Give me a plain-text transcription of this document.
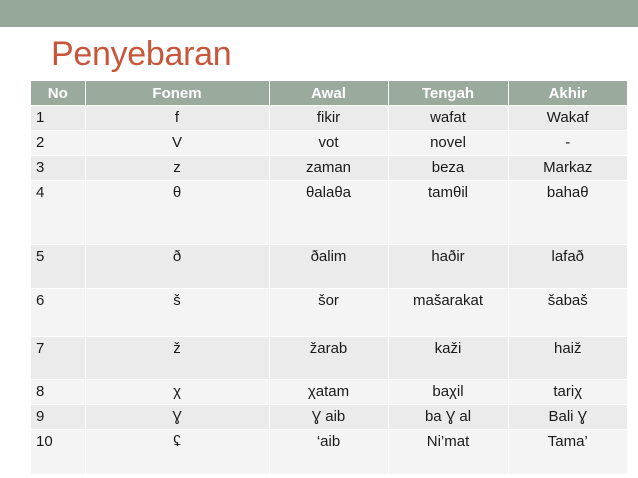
Penyebaran
No	Fonem	Awal	Tengah	Akhir
1	f	fikir	wafat	Wakaf
2	V	vot	novel	-
3	z	zaman	beza	Markaz
4	θ	θalaθa	tamθil	bahaθ
5	ð	ðalim	haðir	lafað
6	š	šor	mašarakat	šabaš
7	ž	žarab	kaži	haiž
8	χ	χatam	baχil	tariχ
9	Ɣ	Ɣ aib	ba Ɣ al	Bali Ɣ
10	ʢ	‘aib	Ni’mat	Tama’
